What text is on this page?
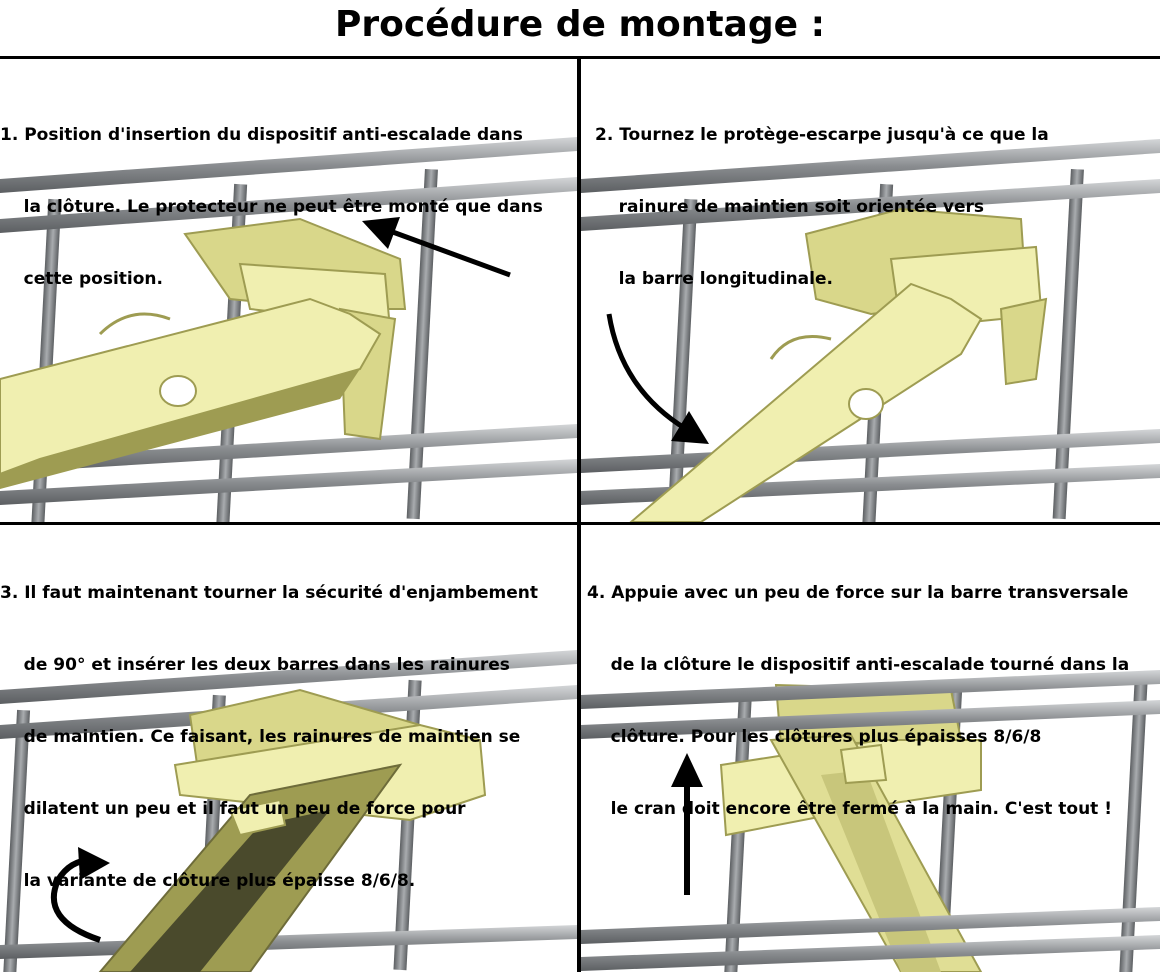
Procédure de montage :

1. Position d'insertion du dispositif anti-escalade dans

la clôture. Le protecteur ne peut être monté que dans

cette position.

2. Tournez le protège-escarpe jusqu'à ce que la

rainure de maintien soit orientée vers

la barre longitudinale.

3. Il faut maintenant tourner la sécurité d'enjambement

de 90° et insérer les deux barres dans les rainures

de maintien. Ce faisant, les rainures de maintien se

dilatent un peu et il faut un peu de force pour

la variante de clôture plus épaisse 8/6/8.

4. Appuie avec un peu de force sur la barre transversale

de la clôture le dispositif anti-escalade tourné dans la

clôture. Pour les clôtures plus épaisses 8/6/8

le cran doit encore être fermé à la main. C'est tout !
